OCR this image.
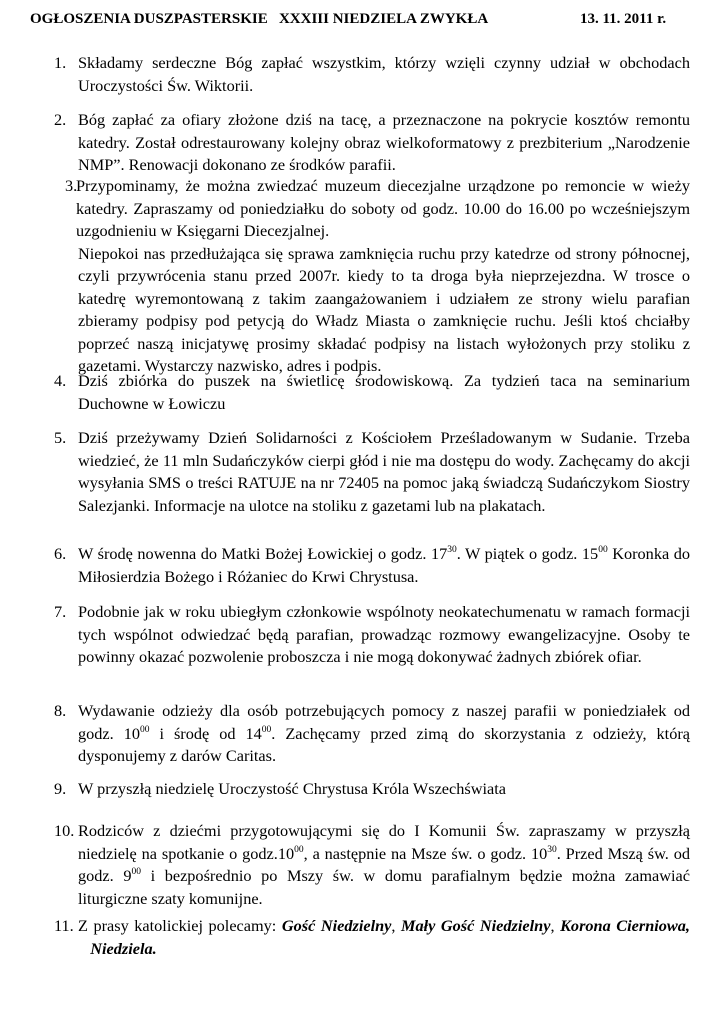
OGŁOSZENIA DUSZPASTERSKIE XXXIII NIEDZIELA ZWYKŁA	13. 11. 2011 r.
1. Składamy serdeczne Bóg zapłać wszystkim, którzy wzięli czynny udział w obchodach Uroczystości Św. Wiktorii.

2. Bóg zapłać za ofiary złożone dziś na tacę, a przeznaczone na pokrycie kosztów remontu katedry. Został odrestaurowany kolejny obraz wielkoformatowy z prezbiterium „Narodzenie NMP”. Renowacji dokonano ze środków parafii.

3.

Przypominamy, że można zwiedzać muzeum diecezjalne urządzone po remoncie w wieży katedry. Zapraszamy od poniedziałku do soboty od godz. 10.00 do 16.00 po wcześniejszym uzgodnieniu w Księgarni Diecezjalnej.

Niepokoi nas przedłużająca się sprawa zamknięcia ruchu przy katedrze od strony północnej, czyli przywrócenia stanu przed 2007r. kiedy to ta droga była nieprzejezdna. W trosce o katedrę wyremontowaną z takim zaangażowaniem i udziałem ze strony wielu parafian zbieramy podpisy pod petycją do Władz Miasta o zamknięcie ruchu. Jeśli ktoś chciałby poprzeć naszą inicjatywę prosimy składać podpisy na listach wyłożonych przy stoliku z gazetami. Wystarczy nazwisko, adres i podpis.

4. Dziś zbiórka do puszek na świetlicę środowiskową. Za tydzień taca na seminarium Duchowne w Łowiczu

5. Dziś przeżywamy Dzień Solidarności z Kościołem Prześladowanym w Sudanie. Trzeba wiedzieć, że 11 mln Sudańczyków cierpi głód i nie ma dostępu do wody. Zachęcamy do akcji wysyłania SMS o treści RATUJE na nr 72405 na pomoc jaką świadczą Sudańczykom Siostry Salezjanki. Informacje na ulotce na stoliku z gazetami lub na plakatach.

6. W środę nowenna do Matki Bożej Łowickiej o godz. $17^{30}$. W piątek o godz. $15^{00}$ Koronka do Miłosierdzia Bożego i Różaniec do Krwi Chrystusa.

7. Podobnie jak w roku ubiegłym członkowie wspólnoty neokatechumenatu w ramach formacji tych wspólnot odwiedzać będą parafian, prowadząc rozmowy ewangelizacyjne. Osoby te powinny okazać pozwolenie proboszcza i nie mogą dokonywać żadnych zbiórek ofiar.

8. Wydawanie odzieży dla osób potrzebujących pomocy z naszej parafii w poniedziałek od godz. $10^{00}$ i środę od $14^{00}$. Zachęcamy przed zimą do skorzystania z odzieży, którą dysponujemy z darów Caritas.

9. W przyszłą niedzielę Uroczystość Chrystusa Króla Wszechświata

10. Rodziców z dziećmi przygotowującymi się do I Komunii Św. zapraszamy w przyszłą niedzielę na spotkanie o $godz.10^{00}$, a następnie na Msze św. o godz. $10^{30}$. Przed Mszą św. od godz. $9^{00}$ i bezpośrednio po Mszy św. w domu parafialnym będzie można zamawiać liturgiczne szaty komunijne.

11. Z prasy katolickiej polecamy: Gość Niedzielny, Mały Gość Niedzielny, Korona Cierniowa,   Niedziela.
